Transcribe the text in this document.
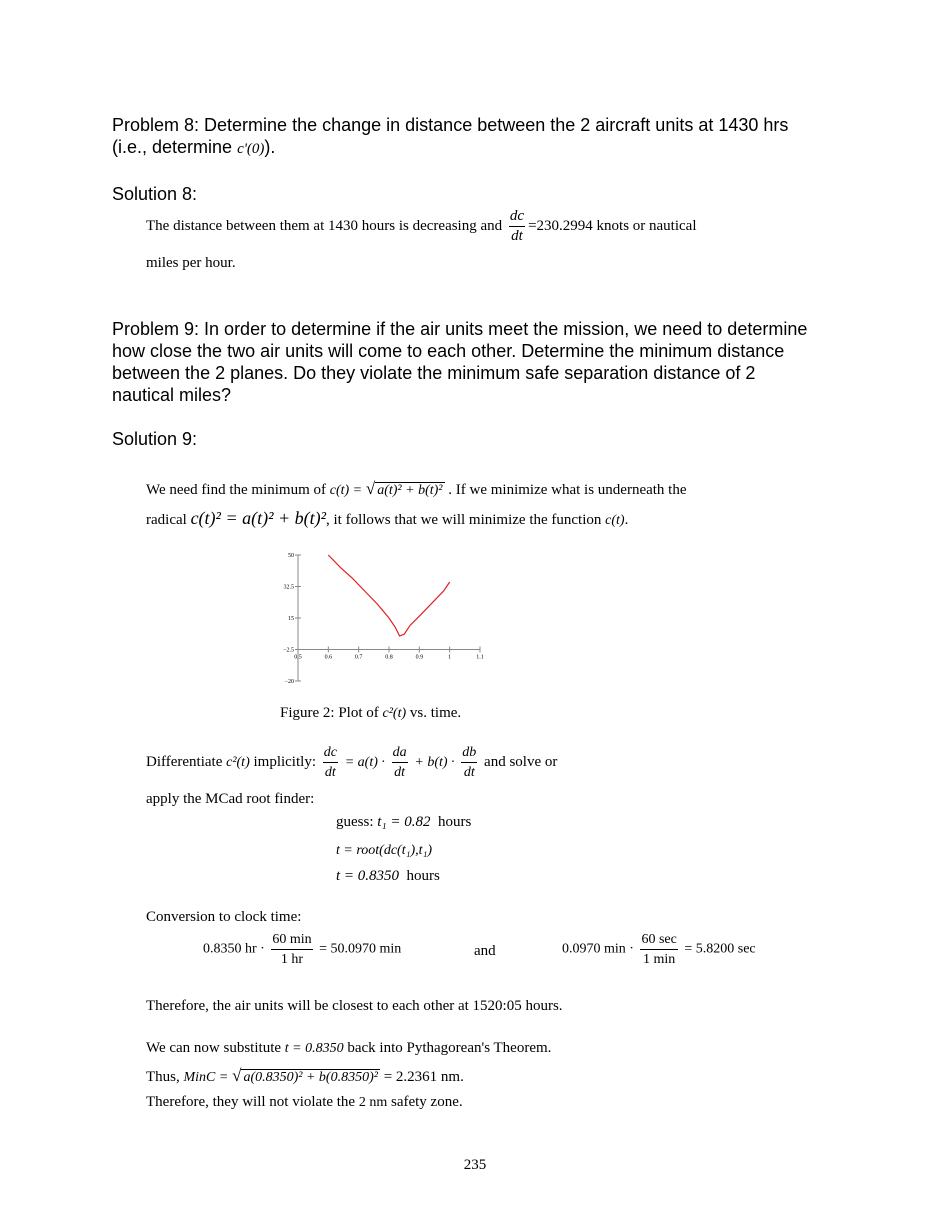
Problem 8: Determine the change in distance between the 2 aircraft units at 1430 hrs
(i.e., determine c'(0)).
Solution 8:
The distance between them at 1430 hours is decreasing and $\frac{dc}{dt} =230.2994$ knots or nautical
miles per hour.
Problem 9: In order to determine if the air units meet the mission, we need to determine
how close the two air units will come to each other. Determine the minimum distance
between the 2 planes. Do they violate the minimum safe separation distance of 2
nautical miles?
Solution 9:
We need find the minimum of c(t) = √ a(t)² + b(t)² . If we minimize what is underneath the
radical c(t)² = a(t)² + b(t)², it follows that we will minimize the function c(t).
0.5	0.6	0.7	0.8	0.9	1	1.1
50
32.5
15
−2.5
−20
Figure 2: Plot of c²(t) vs. time.
Differentiate c²(t) implicitly: $\frac{dc}{dt} = a(t) \cdot \frac{da}{dt} + b(t) \cdot \frac{db}{dt}$ and solve or
apply the MCad root finder:
guess: t₁ = 0.82 hours
t = root(dc(t₁),t₁)
t = 0.8350 hours
Conversion to clock time:
0.8350 hr · $\frac{60 \min}{1 hr} = 50.0970$ min	and	0.0970 $\min \cdot \frac{60 \sec}{1 \min} = 5.8200$ sec
Therefore, the air units will be closest to each other at 1520:05 hours.
We can now substitute t = 0.8350 back into Pythagorean's Theorem.
Thus, MinC = √ a(0.8350)² + b(0.8350)² = 2.2361 nm.
Therefore, they will not violate the 2 nm safety zone.
235
